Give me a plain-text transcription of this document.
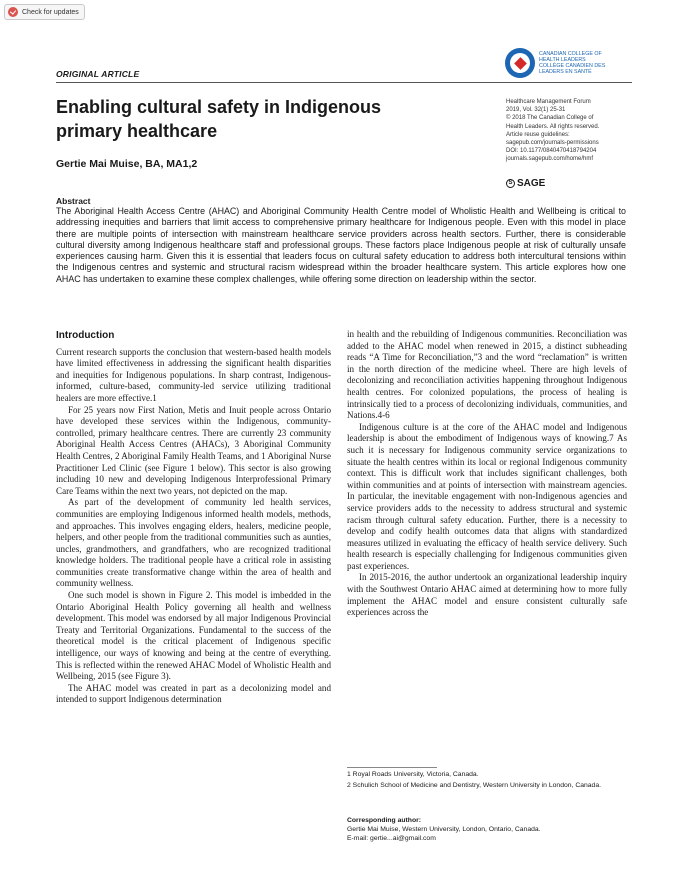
Check for updates
CANADIAN COLLEGE OF
HEALTH LEADERS
COLLÈGE CANADIEN DES
LEADERS EN SANTÉ
ORIGINAL ARTICLE
Enabling cultural safety in Indigenous primary healthcare
Gertie Mai Muise, BA, MA1,2
Healthcare Management Forum
2019, Vol. 32(1) 25-31
© 2018 The Canadian College of
Health Leaders. All rights reserved.
Article reuse guidelines:
sagepub.com/journals-permissions
DOI: 10.1177/0840470418794204
journals.sagepub.com/home/hmf
S SAGE
Abstract
The Aboriginal Health Access Centre (AHAC) and Aboriginal Community Health Centre model of Wholistic Health and Wellbeing is critical to addressing inequities and barriers that limit access to comprehensive primary healthcare for Indigenous people. Even with this model in place there are multiple points of intersection with mainstream healthcare service providers across health sectors. Further, there is considerable cultural diversity among Indigenous healthcare staff and professional groups. These factors place Indigenous people at risk of culturally unsafe experiences causing harm. Given this it is essential that leaders focus on cultural safety education to address both intercultural tensions within the Indigenous centres and systemic and structural racism widespread within the broader healthcare system. This article explores how one AHAC has undertaken to examine these complex challenges, while offering some direction on leadership within the sector.
Introduction

Current research supports the conclusion that western-based health models have limited effectiveness in addressing the significant health disparities and inequities for Indigenous populations. In sharp contrast, Indigenous-informed, culture-based, community-led service utilizing traditional healers are more effective.1

For 25 years now First Nation, Metis and Inuit people across Ontario have developed these services within the Indigenous, community-controlled, primary healthcare centres. There are currently 23 community Aboriginal Health Access Centres (AHACs), 3 Aboriginal Community Health Centres, 2 Aboriginal Family Health Teams, and 1 Aboriginal Nurse Practitioner Led Clinic (see Figure 1 below). This sector is also growing including 10 new and developing Indigenous Interprofessional Primary Care Teams within the next two years, not depicted on the map.

As part of the development of community led health services, communities are employing Indigenous informed health models, methods, and approaches. This involves engaging elders, healers, medicine people, helpers, and other people from the traditional communities such as aunties, uncles, grandmothers, and grandfathers, who are recognized traditional knowledge holders. The traditional people have a critical role in assisting communities create transformative change within the area of health and community wellness.

One such model is shown in Figure 2. This model is imbedded in the Ontario Aboriginal Health Policy governing all health and wellness development. This model was endorsed by all major Indigenous Provincial Treaty and Territorial Organizations. Fundamental to the success of the theoretical model is the critical placement of Indigenous specific intelligence, our ways of knowing and being at the centre of everything. This is reflected within the renewed AHAC Model of Wholistic Health and Wellbeing, 2015 (see Figure 3).

The AHAC model was created in part as a decolonizing model and intended to support Indigenous determination

in health and the rebuilding of Indigenous communities. Reconciliation was added to the AHAC model when renewed in 2015, a distinct subheading reads “A Time for Reconciliation,”3 and the word “reclamation” is written in the north direction of the medicine wheel. There are high levels of decolonizing and reconciliation activities happening throughout Indigenous health centres. For colonized populations, the process of healing is intrinsically tied to a process of decolonizing individuals, communities, and Nations.4-6

Indigenous culture is at the core of the AHAC model and Indigenous leadership is about the embodiment of Indigenous ways of knowing.7 As such it is necessary for Indigenous community service organizations to situate the health centres within its local or regional Indigenous community context. This is difficult work that includes significant challenges, both within communities and at points of intersection with mainstream agencies. In particular, the inevitable engagement with non-Indigenous agencies and service providers adds to the necessity to address structural and systemic racism through cultural safety education. Further, there is a necessity to develop and codify health outcomes data that aligns with standardized measures utilized in evaluating the efficacy of health service delivery. Such health research is especially challenging for Indigenous communities given past experiences.

In 2015-2016, the author undertook an organizational leadership inquiry with the Southwest Ontario AHAC aimed at determining how to more fully implement the AHAC model and ensure consistent culturally safe experiences across the

1 Royal Roads University, Victoria, Canada.
2 Schulich School of Medicine and Dentistry, Western University in London, Canada.
Corresponding author:
Gertie Mai Muise, Western University, London, Ontario, Canada.
E-mail: gertie...ai@gmail.com
